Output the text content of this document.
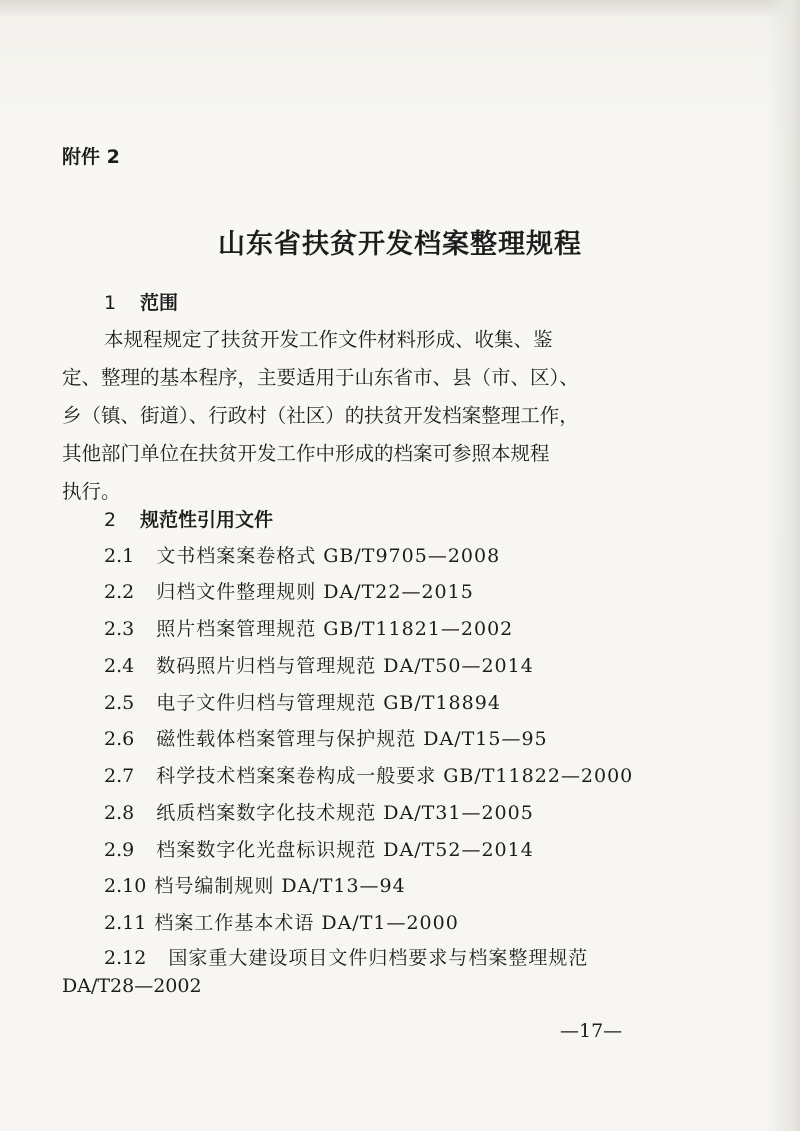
附件 2
山东省扶贫开发档案整理规程
1 范围
本规程规定了扶贫开发工作文件材料形成、收集、鉴
定、整理的基本程序，主要适用于山东省市、县（市、区）、
乡（镇、街道）、行政村（社区）的扶贫开发档案整理工作，
其他部门单位在扶贫开发工作中形成的档案可参照本规程
执行。
2 规范性引用文件
2.1 文书档案案卷格式 GB/T9705—2008
2.2 归档文件整理规则 DA/T22—2015
2.3 照片档案管理规范 GB/T11821—2002
2.4 数码照片归档与管理规范 DA/T50—2014
2.5 电子文件归档与管理规范 GB/T18894
2.6 磁性载体档案管理与保护规范 DA/T15—95
2.7 科学技术档案案卷构成一般要求 GB/T11822—2000
2.8 纸质档案数字化技术规范 DA/T31—2005
2.9 档案数字化光盘标识规范 DA/T52—2014
2.10 档号编制规则 DA/T13—94
2.11 档案工作基本术语 DA/T1—2000
2.12 国家重大建设项目文件归档要求与档案整理规范
DA/T28—2002
—17—
